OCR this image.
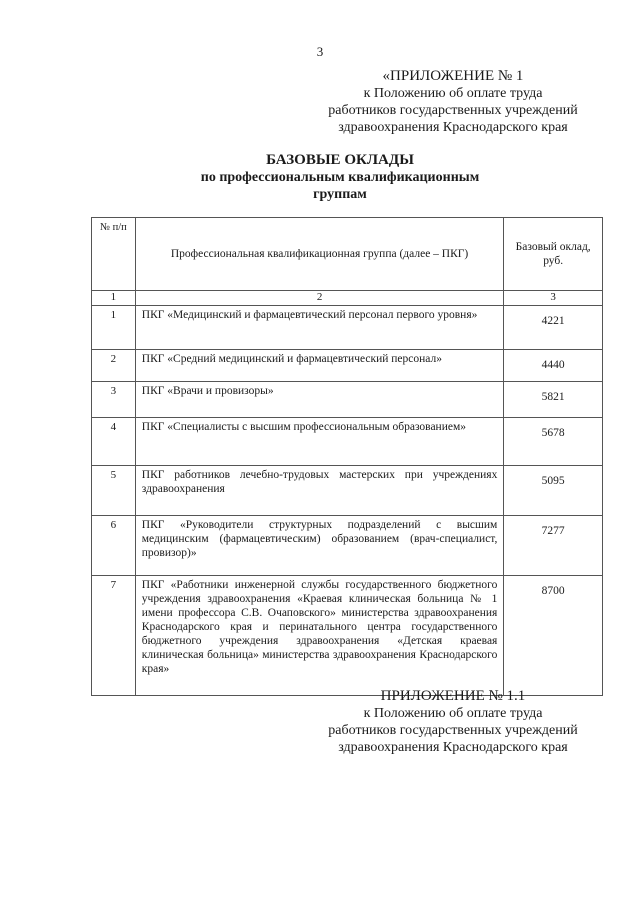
3
«ПРИЛОЖЕНИЕ № 1
к Положению об оплате труда
работников государственных учреждений
здравоохранения Краснодарского края
БАЗОВЫЕ ОКЛАДЫ
по профессиональным квалификационным
группам
№ п/п	Профессиональная квалификационная группа (далее – ПКГ)	Базовый оклад, руб.
1	2	3
1	ПКГ «Медицинский и фармацевтический персонал первого уровня»	4221
2	ПКГ «Средний медицинский и фармацевтический персонал»	4440
3	ПКГ «Врачи и провизоры»	5821
4	ПКГ «Специалисты с высшим профессиональным образованием»	5678
5	ПКГ работников лечебно-трудовых мастерских при учреждениях здравоохранения	5095
6	ПКГ «Руководители структурных подразделений с высшим медицинским (фармацевтическим) образованием (врач-специалист, провизор)»	7277
7	ПКГ «Работники инженерной службы государственного бюджетного учреждения здравоохранения «Краевая клиническая больница № 1 имени профессора С.В. Очаповского» министерства здравоохранения Краснодарского края и перинатального центра государственного бюджетного учреждения здравоохранения «Детская краевая клиническая больница» министерства здравоохранения Краснодарского края»	8700
ПРИЛОЖЕНИЕ № 1.1
к Положению об оплате труда
работников государственных учреждений
здравоохранения Краснодарского края
